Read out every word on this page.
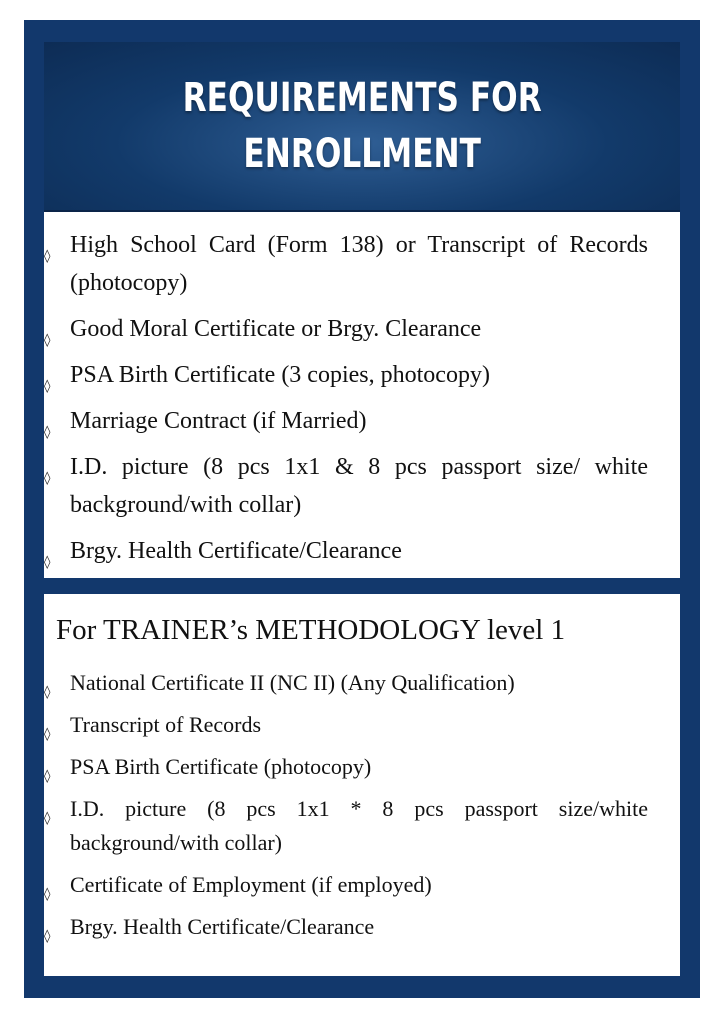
REQUIREMENTS FOR
ENROLLMENT
◊ High School Card (Form 138) or Transcript of Records (photocopy)
◊ Good Moral Certificate or Brgy. Clearance
◊ PSA Birth Certificate (3 copies, photocopy)
◊ Marriage Contract (if Married)
◊ I.D. picture (8 pcs 1x1 & 8 pcs passport size/ white background/with collar)
◊ Brgy. Health Certificate/Clearance
For TRAINER’s METHODOLOGY level 1
◊ National Certificate II (NC II) (Any Qualification)
◊ Transcript of Records
◊ PSA Birth Certificate (photocopy)
◊ I.D. picture (8 pcs 1x1 * 8 pcs passport size/white background/with collar)
◊ Certificate of Employment (if employed)
◊ Brgy. Health Certificate/Clearance
